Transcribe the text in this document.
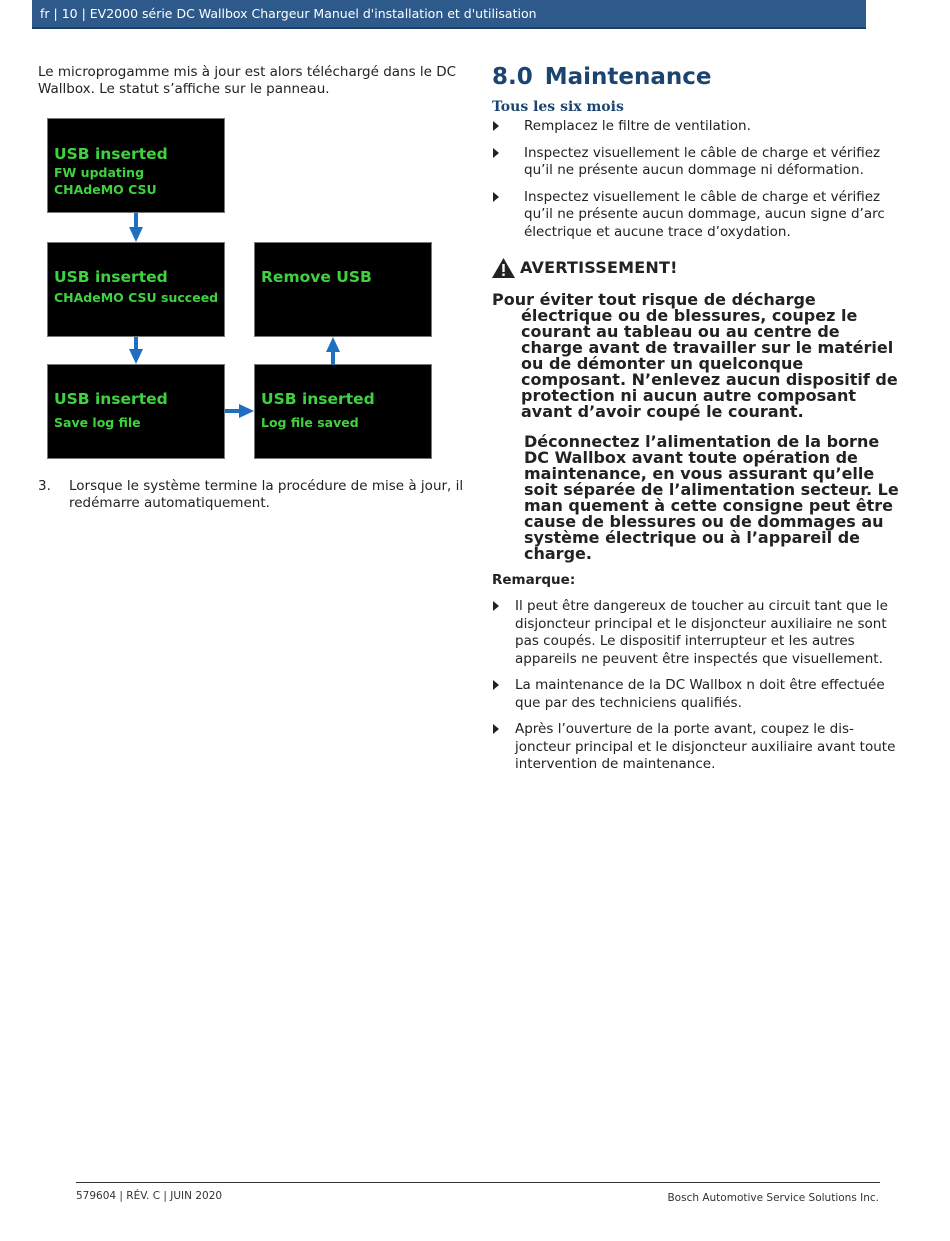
fr | 10 | EV2000 série DC Wallbox Chargeur Manuel d'installation et d'utilisation

Le microprogamme mis à jour est alors téléchargé dans le DC Wallbox. Le statut s’affiche sur le panneau.

USB inserted
FW updating
CHAdeMO CSU
USB inserted
CHAdeMO CSU succeed
Remove USB
USB inserted
Save log file
USB inserted
Log file saved
3.	Lorsque le système termine la procédure de mise à jour, il redémarre automatiquement.
8.0 Maintenance
Tous les six mois
Remplacez le filtre de ventilation.
Inspectez visuellement le câble de charge et vérifiez qu’il ne présente aucun dommage ni déformation.
Inspectez visuellement le câble de charge et vérifiez qu’il ne présente aucun dommage, aucun signe d’arc électrique et aucune trace d’oxydation.
AVERTISSEMENT!

Pour éviter tout risque de décharge électrique ou de blessures, coupez le courant au tableau ou au centre de charge avant de travailler sur le matériel ou de démonter un quelconque composant. N’enlevez aucun dispositif de protection ni aucun autre composant avant d’avoir coupé le courant.

Déconnectez l’alimentation de la borne DC Wallbox avant toute opération de maintenance, en vous assurant qu’elle soit séparée de l’alimentation secteur. Le man quement à cette consigne peut être cause de blessures ou de dommages au système électrique ou à l’appareil de charge.

Remarque:
Il peut être dangereux de toucher au circuit tant que le disjoncteur principal et le disjoncteur auxiliaire ne sont pas coupés. Le dispositif interrupteur et les autres appareils ne peuvent être inspectés que visuellement.
La maintenance de la DC Wallbox n doit être effectuée que par des techniciens qualifiés.
Après l’ouverture de la porte avant, coupez le disjoncteur principal et le disjoncteur auxiliaire avant toute intervention de maintenance.
579604 | RÉV. C | JUIN 2020	Bosch Automotive Service Solutions Inc.
